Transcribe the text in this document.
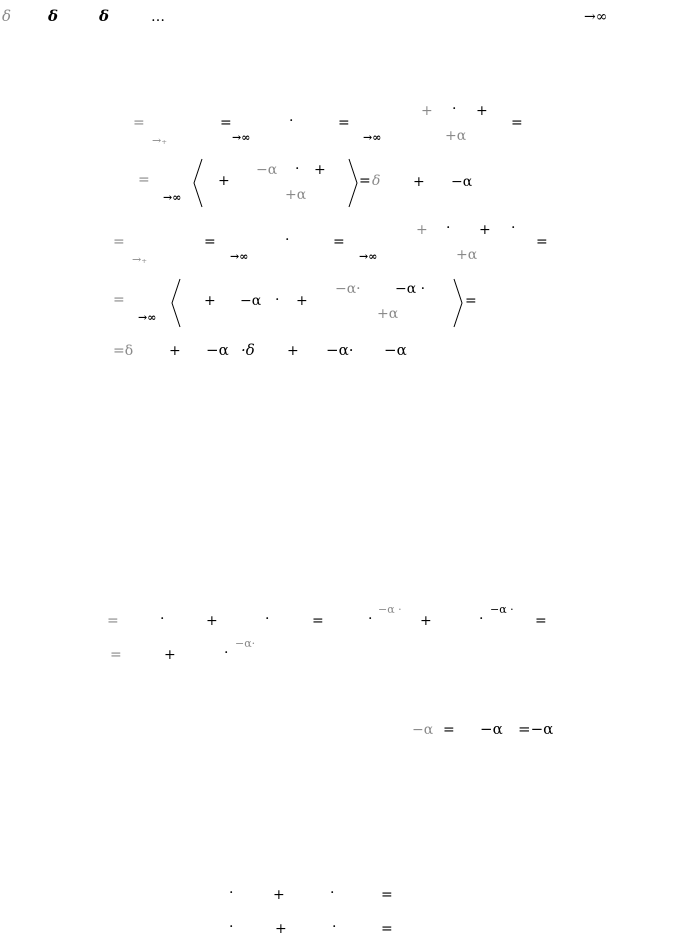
δ δ	δ	…	→∞
=
→₊
=
→∞
·	=
→∞
+ · +
+α
=
=
→∞
+
−α · +
+α
= δ + −α
=
→₊
=
→∞
·	=
→∞
+ · + ·
+α
=
=
→∞
+ −α · +
−α· −α ·
+α
=
=δ	+ −α ·δ + −α· −α
=	·	+	·	=	·
−α ·
+	·
−α ·
=
=	+	·
−α·
−α = −α =−α
·	+	·	=
·	+	·	=
